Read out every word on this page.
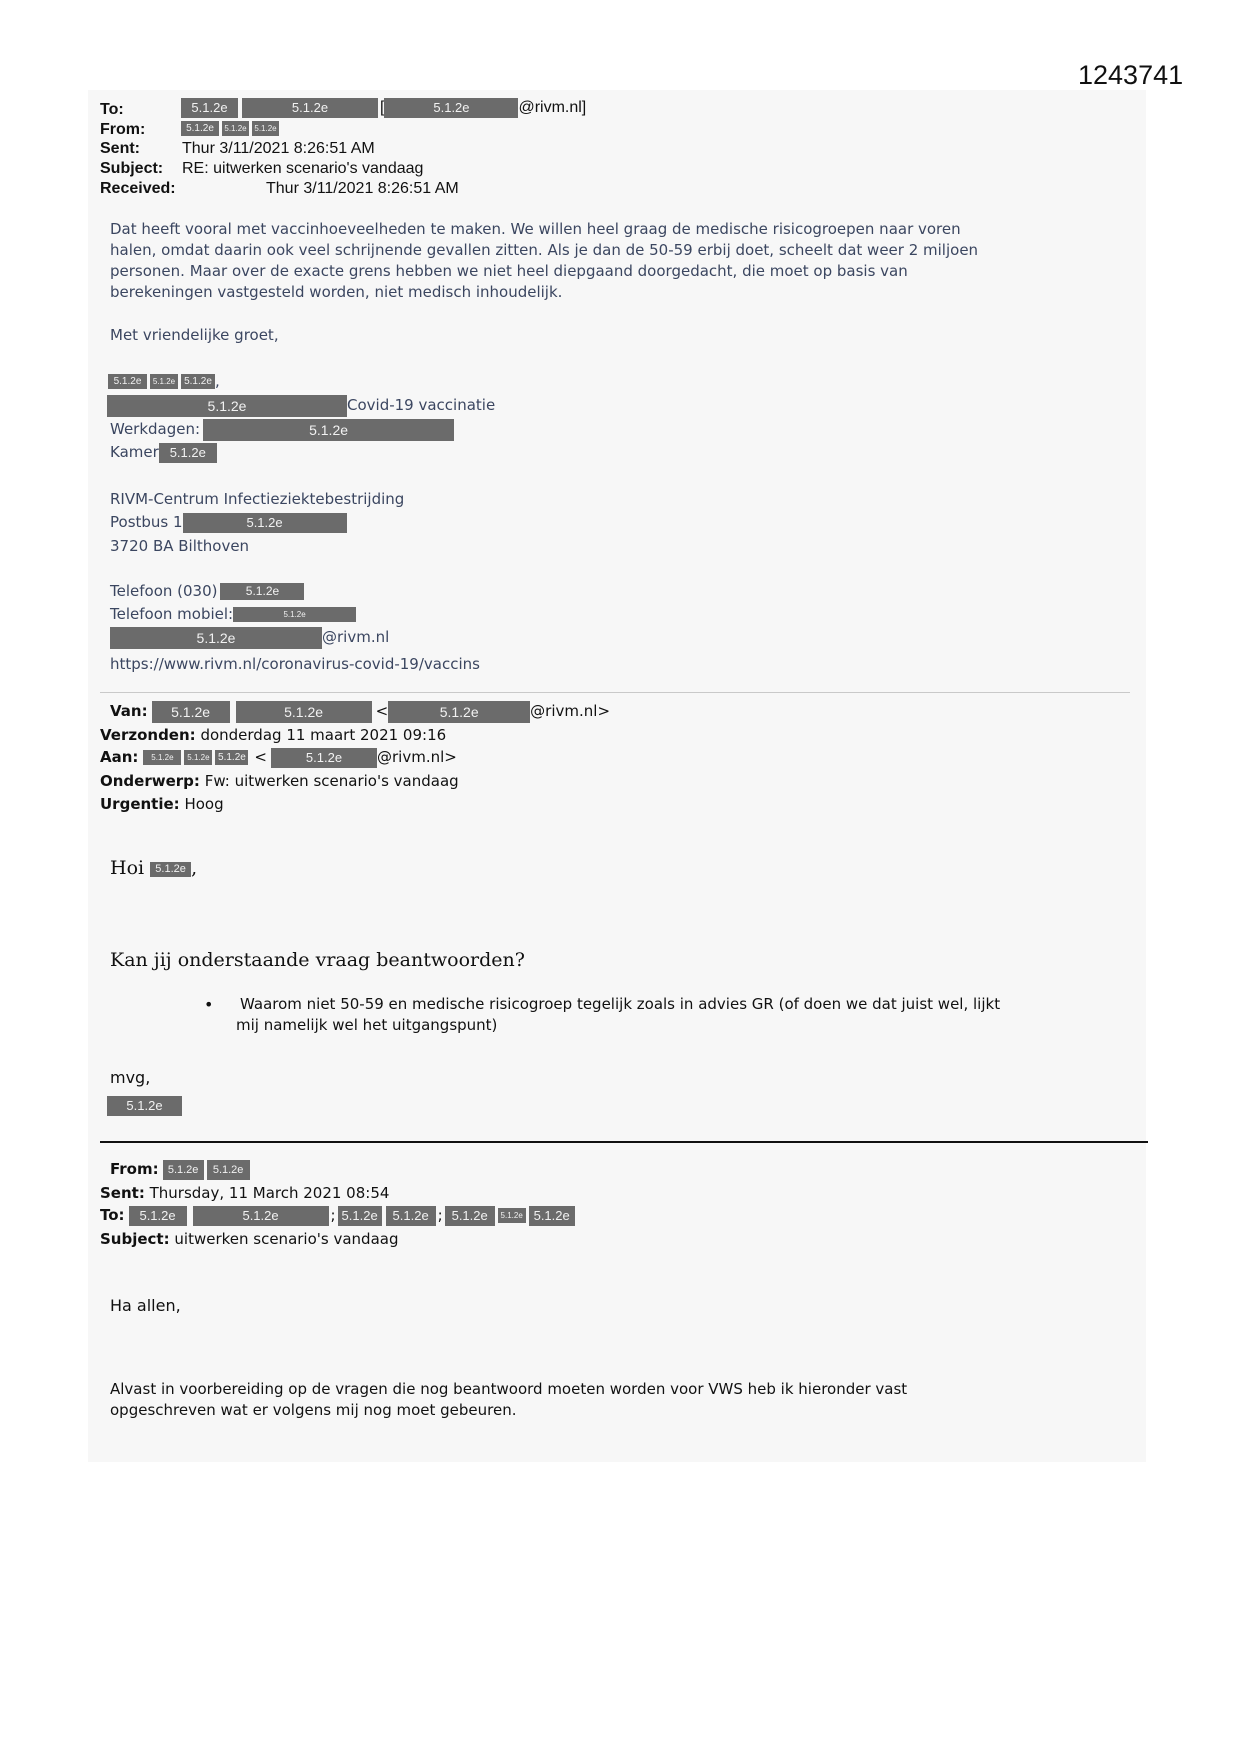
1243741
To:	5.1.2e	5.1.2e	[	5.1.2e	@rivm.nl]
From:	5.1.2e 5.1.2e 5.1.2e
Sent:	Thur 3/11/2021 8:26:51 AM
Subject: RE: uitwerken scenario's vandaag
Received:	Thur 3/11/2021 8:26:51 AM
Dat heeft vooral met vaccinhoeveelheden te maken. We willen heel graag de medische risicogroepen naar voren
halen, omdat daarin ook veel schrijnende gevallen zitten. Als je dan de 50-59 erbij doet, scheelt dat weer 2 miljoen
personen. Maar over de exacte grens hebben we niet heel diepgaand doorgedacht, die moet op basis van
berekeningen vastgesteld worden, niet medisch inhoudelijk.
Met vriendelijke groet,
5.1.2e 5.1.2e 5.1.2e ,
5.1.2e	Covid-19 vaccinatie
Werkdagen:	5.1.2e
Kamer 5.1.2e
RIVM-Centrum Infectieziektebestrijding
Postbus 1	5.1.2e
3720 BA Bilthoven
Telefoon (030) 5.1.2e
Telefoon mobiel:	5.1.2e
5.1.2e	@rivm.nl
https://www.rivm.nl/coronavirus-covid-19/vaccins
Van: 5.1.2e	5.1.2e	<	5.1.2e	@rivm.nl>
Verzonden: donderdag 11 maart 2021 09:16
Aan: 5.1.2e 5.1.2e 5.1.2e <	5.1.2e @rivm.nl>
Onderwerp: Fw: uitwerken scenario's vandaag
Urgentie: Hoog
Hoi 5.1.2e ,
Kan jij onderstaande vraag beantwoorden?
• Waarom niet 50-59 en medische risicogroep tegelijk zoals in advies GR (of doen we dat juist wel, lijkt
mij namelijk wel het uitgangspunt)
mvg,
5.1.2e
From: 5.1.2e 5.1.2e
Sent: Thursday, 11 March 2021 08:54
To: 5.1.2e	5.1.2e	; 5.1.2e 5.1.2e ; 5.1.2e 5.1.2e 5.1.2e
Subject: uitwerken scenario's vandaag
Ha allen,
Alvast in voorbereiding op de vragen die nog beantwoord moeten worden voor VWS heb ik hieronder vast
opgeschreven wat er volgens mij nog moet gebeuren.
